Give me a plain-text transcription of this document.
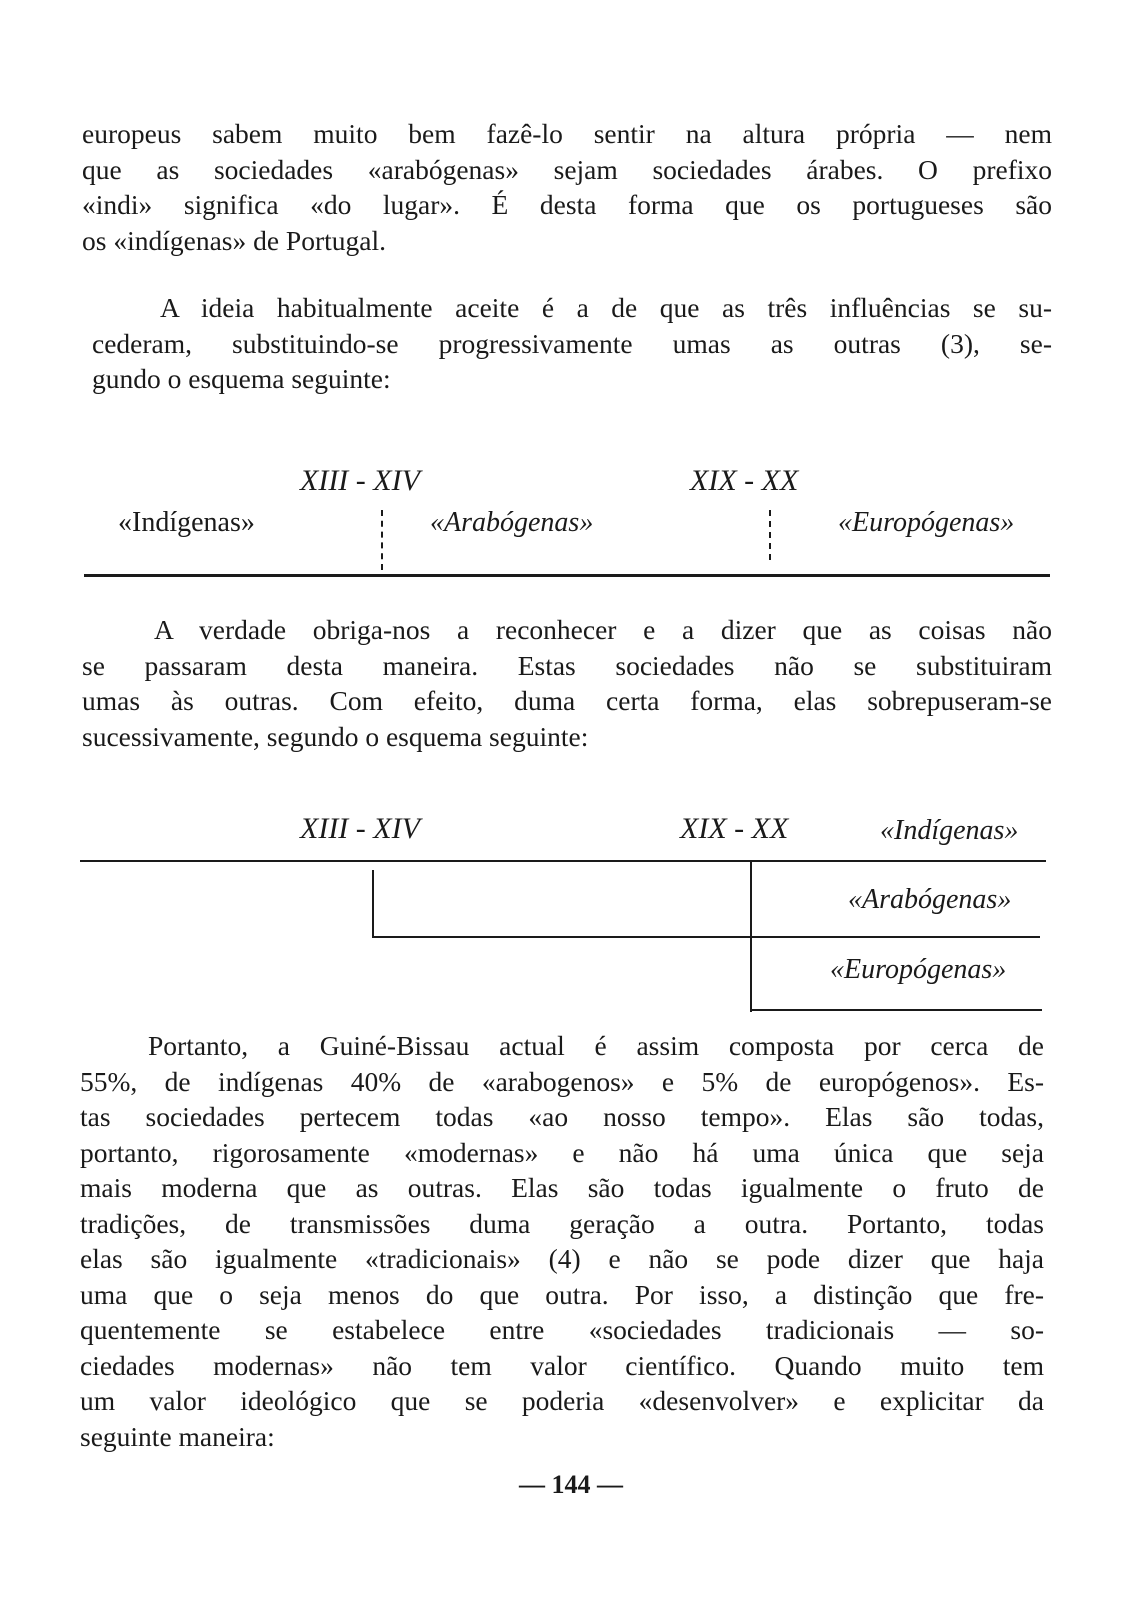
europeus sabem muito bem fazê-lo sentir na altura própria — nem
que as sociedades «arabógenas» sejam sociedades árabes. O prefixo
«indi» significa «do lugar». É desta forma que os portugueses são
os «indígenas» de Portugal.
A ideia habitualmente aceite é a de que as três influências se su-
cederam, substituindo-se progressivamente umas as outras (3), se-
gundo o esquema seguinte:
XIII - XIV	XIX - XX
«Indígenas»	«Arabógenas»	«Europógenas»
A verdade obriga-nos a reconhecer e a dizer que as coisas não
se passaram desta maneira. Estas sociedades não se substituiram
umas às outras. Com efeito, duma certa forma, elas sobrepuseram-se
sucessivamente, segundo o esquema seguinte:
XIII - XIV	XIX - XX	«Indígenas»
«Arabógenas»
«Europógenas»
Portanto, a Guiné-Bissau actual é assim composta por cerca de
55%, de indígenas 40% de «arabogenos» e 5% de europógenos». Es-
tas sociedades pertecem todas «ao nosso tempo». Elas são todas,
portanto, rigorosamente «modernas» e não há uma única que seja
mais moderna que as outras. Elas são todas igualmente o fruto de
tradições, de transmissões duma geração a outra. Portanto, todas
elas são igualmente «tradicionais» (4) e não se pode dizer que haja
uma que o seja menos do que outra. Por isso, a distinção que fre-
quentemente se estabelece entre «sociedades tradicionais — so-
ciedades modernas» não tem valor científico. Quando muito tem
um valor ideológico que se poderia «desenvolver» e explicitar da
seguinte maneira:
— 144 —
